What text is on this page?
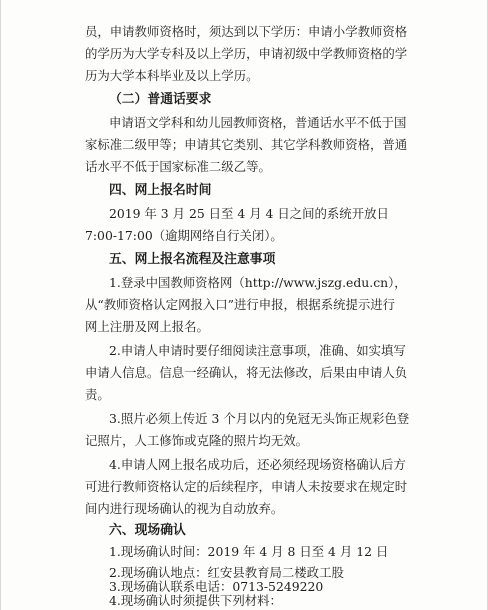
员，申请教师资格时，须达到以下学历：申请小学教师资格
的学历为大学专科及以上学历，申请初级中学教师资格的学
历为大学本科毕业及以上学历。
（二）普通话要求
申请语文学科和幼儿园教师资格，普通话水平不低于国
家标准二级甲等；申请其它类别、其它学科教师资格，普通
话水平不低于国家标准二级乙等。
四、网上报名时间
2019 年 3 月 25 日至 4 月 4 日之间的系统开放日
7:00-17:00（逾期网络自行关闭）。
五、网上报名流程及注意事项
1.登录中国教师资格网（http://www.jszg.edu.cn），
从“教师资格认定网报入口”进行申报，根据系统提示进行
网上注册及网上报名。
2.申请人申请时要仔细阅读注意事项，准确、如实填写
申请人信息。信息一经确认，将无法修改，后果由申请人负
责。
3.照片必须上传近 3 个月以内的免冠无头饰正规彩色登
记照片，人工修饰或克隆的照片均无效。
4.申请人网上报名成功后，还必须经现场资格确认后方
可进行教师资格认定的后续程序，申请人未按要求在规定时
间内进行现场确认的视为自动放弃。
六、现场确认
1.现场确认时间：2019 年 4 月 8 日至 4 月 12 日
2.现场确认地点：红安县教育局二楼政工股
3.现场确认联系电话：0713-5249220
4.现场确认时须提供下列材料：
